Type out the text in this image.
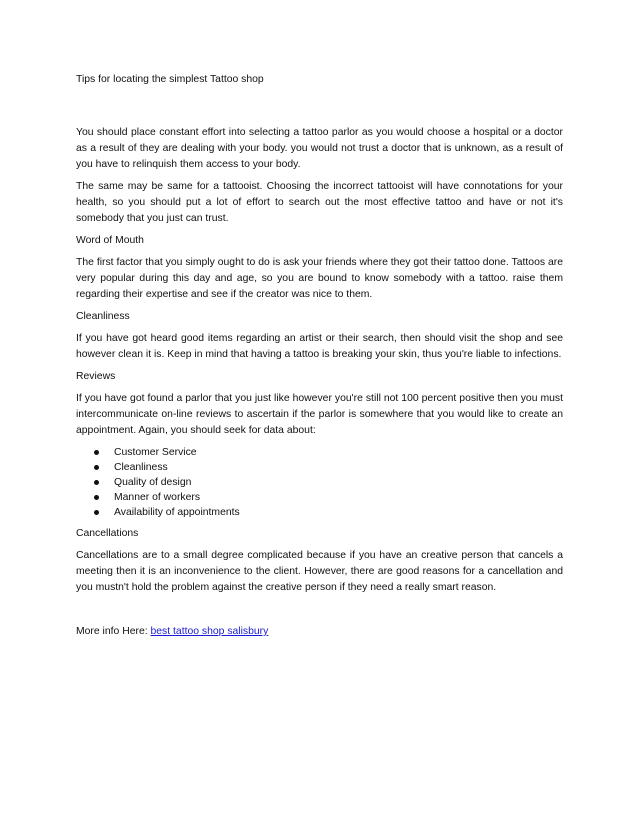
Tips for locating the simplest Tattoo shop

You should place constant effort into selecting a tattoo parlor as you would choose a hospital or a doctor as a result of they are dealing with your body. you would not trust a doctor that is unknown, as a result of you have to relinquish them access to your body.

The same may be same for a tattooist. Choosing the incorrect tattooist will have connotations for your health, so you should put a lot of effort to search out the most effective tattoo and have or not it's somebody that you just can trust.

Word of Mouth

The first factor that you simply ought to do is ask your friends where they got their tattoo done. Tattoos are very popular during this day and age, so you are bound to know somebody with a tattoo. raise them regarding their expertise and see if the creator was nice to them.

Cleanliness

If you have got heard good items regarding an artist or their search, then should visit the shop and see however clean it is. Keep in mind that having a tattoo is breaking your skin, thus you're liable to infections.

Reviews

If you have got found a parlor that you just like however you're still not 100 percent positive then you must intercommunicate on-line reviews to ascertain if the parlor is somewhere that you would like to create an appointment. Again, you should seek for data about:

Customer Service
Cleanliness
Quality of design
Manner of workers
Availability of appointments
Cancellations

Cancellations are to a small degree complicated because if you have an creative person that cancels a meeting then it is an inconvenience to the client. However, there are good reasons for a cancellation and you mustn't hold the problem against the creative person if they need a really smart reason.

More info Here: best tattoo shop salisbury
